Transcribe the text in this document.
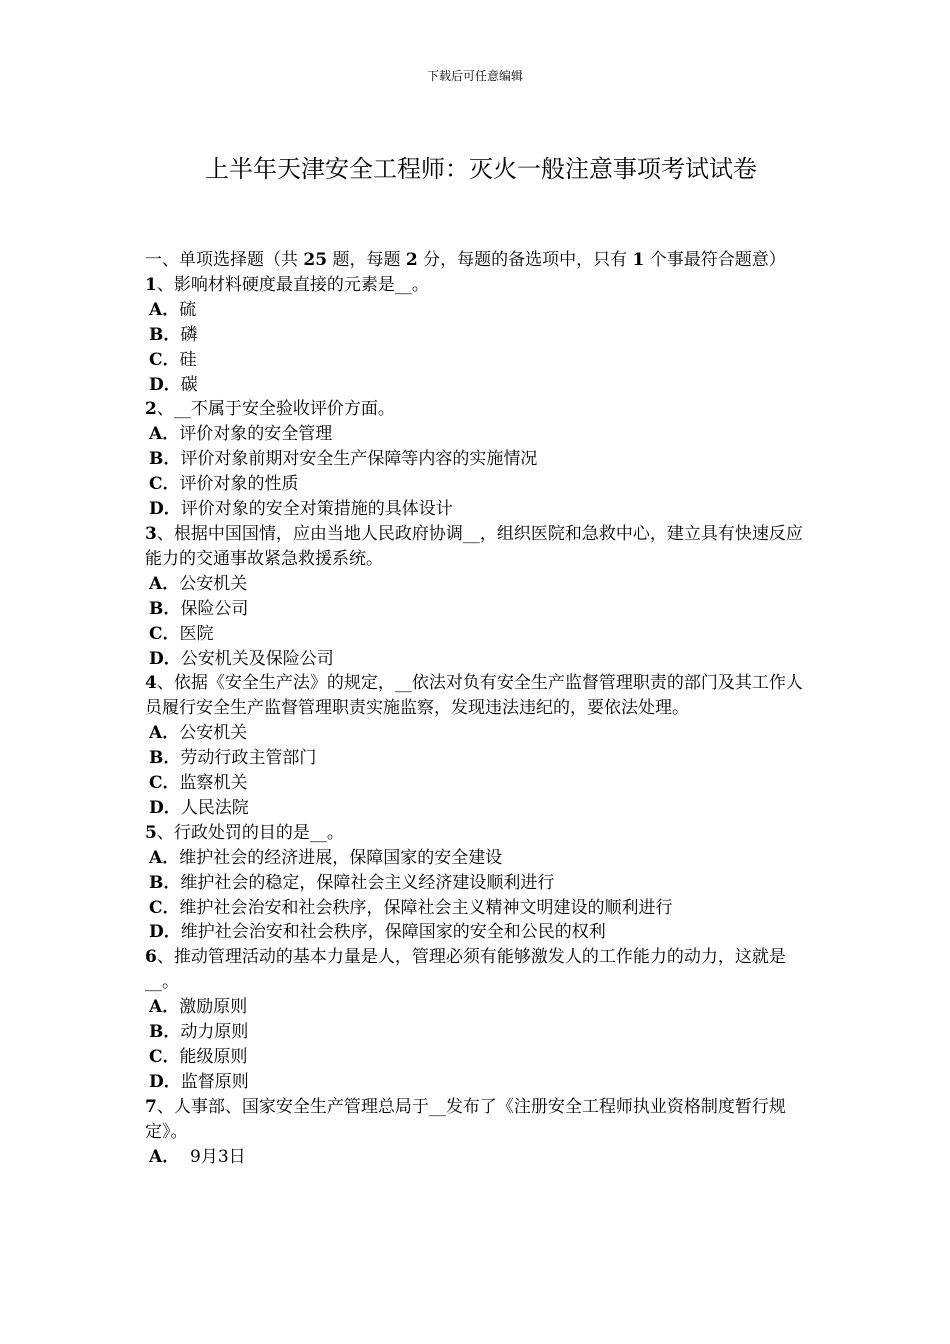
下载后可任意编辑
上半年天津安全工程师：灭火一般注意事项考试试卷

一、单项选择题（共 25 题，每题 2 分，每题的备选项中，只有 1 个事最符合题意）

1、影响材料硬度最直接的元素是__。

A． 硫
B． 磷
C． 硅
D． 碳

2、__不属于安全验收评价方面。

A． 评价对象的安全管理
B． 评价对象前期对安全生产保障等内容的实施情况
C． 评价对象的性质
D． 评价对象的安全对策措施的具体设计

3、根据中国国情，应由当地人民政府协调__，组织医院和急救中心，建立具有快速反应能力的交通事故紧急救援系统。

A． 公安机关
B． 保险公司
C． 医院
D． 公安机关及保险公司

4、依据《安全生产法》的规定，__依法对负有安全生产监督管理职责的部门及其工作人员履行安全生产监督管理职责实施监察，发现违法违纪的，要依法处理。

A． 公安机关
B． 劳动行政主管部门
C． 监察机关
D． 人民法院

5、行政处罚的目的是__。

A． 维护社会的经济进展，保障国家的安全建设
B． 维护社会的稳定，保障社会主义经济建设顺利进行
C． 维护社会治安和社会秩序，保障社会主义精神文明建设的顺利进行
D． 维护社会治安和社会秩序，保障国家的安全和公民的权利

6、推动管理活动的基本力量是人，管理必须有能够激发人的工作能力的动力，这就是__。

A． 激励原则
B． 动力原则
C． 能级原则
D． 监督原则

7、人事部、国家安全生产管理总局于__发布了《注册安全工程师执业资格制度暂行规定》。

A． 9月3日
